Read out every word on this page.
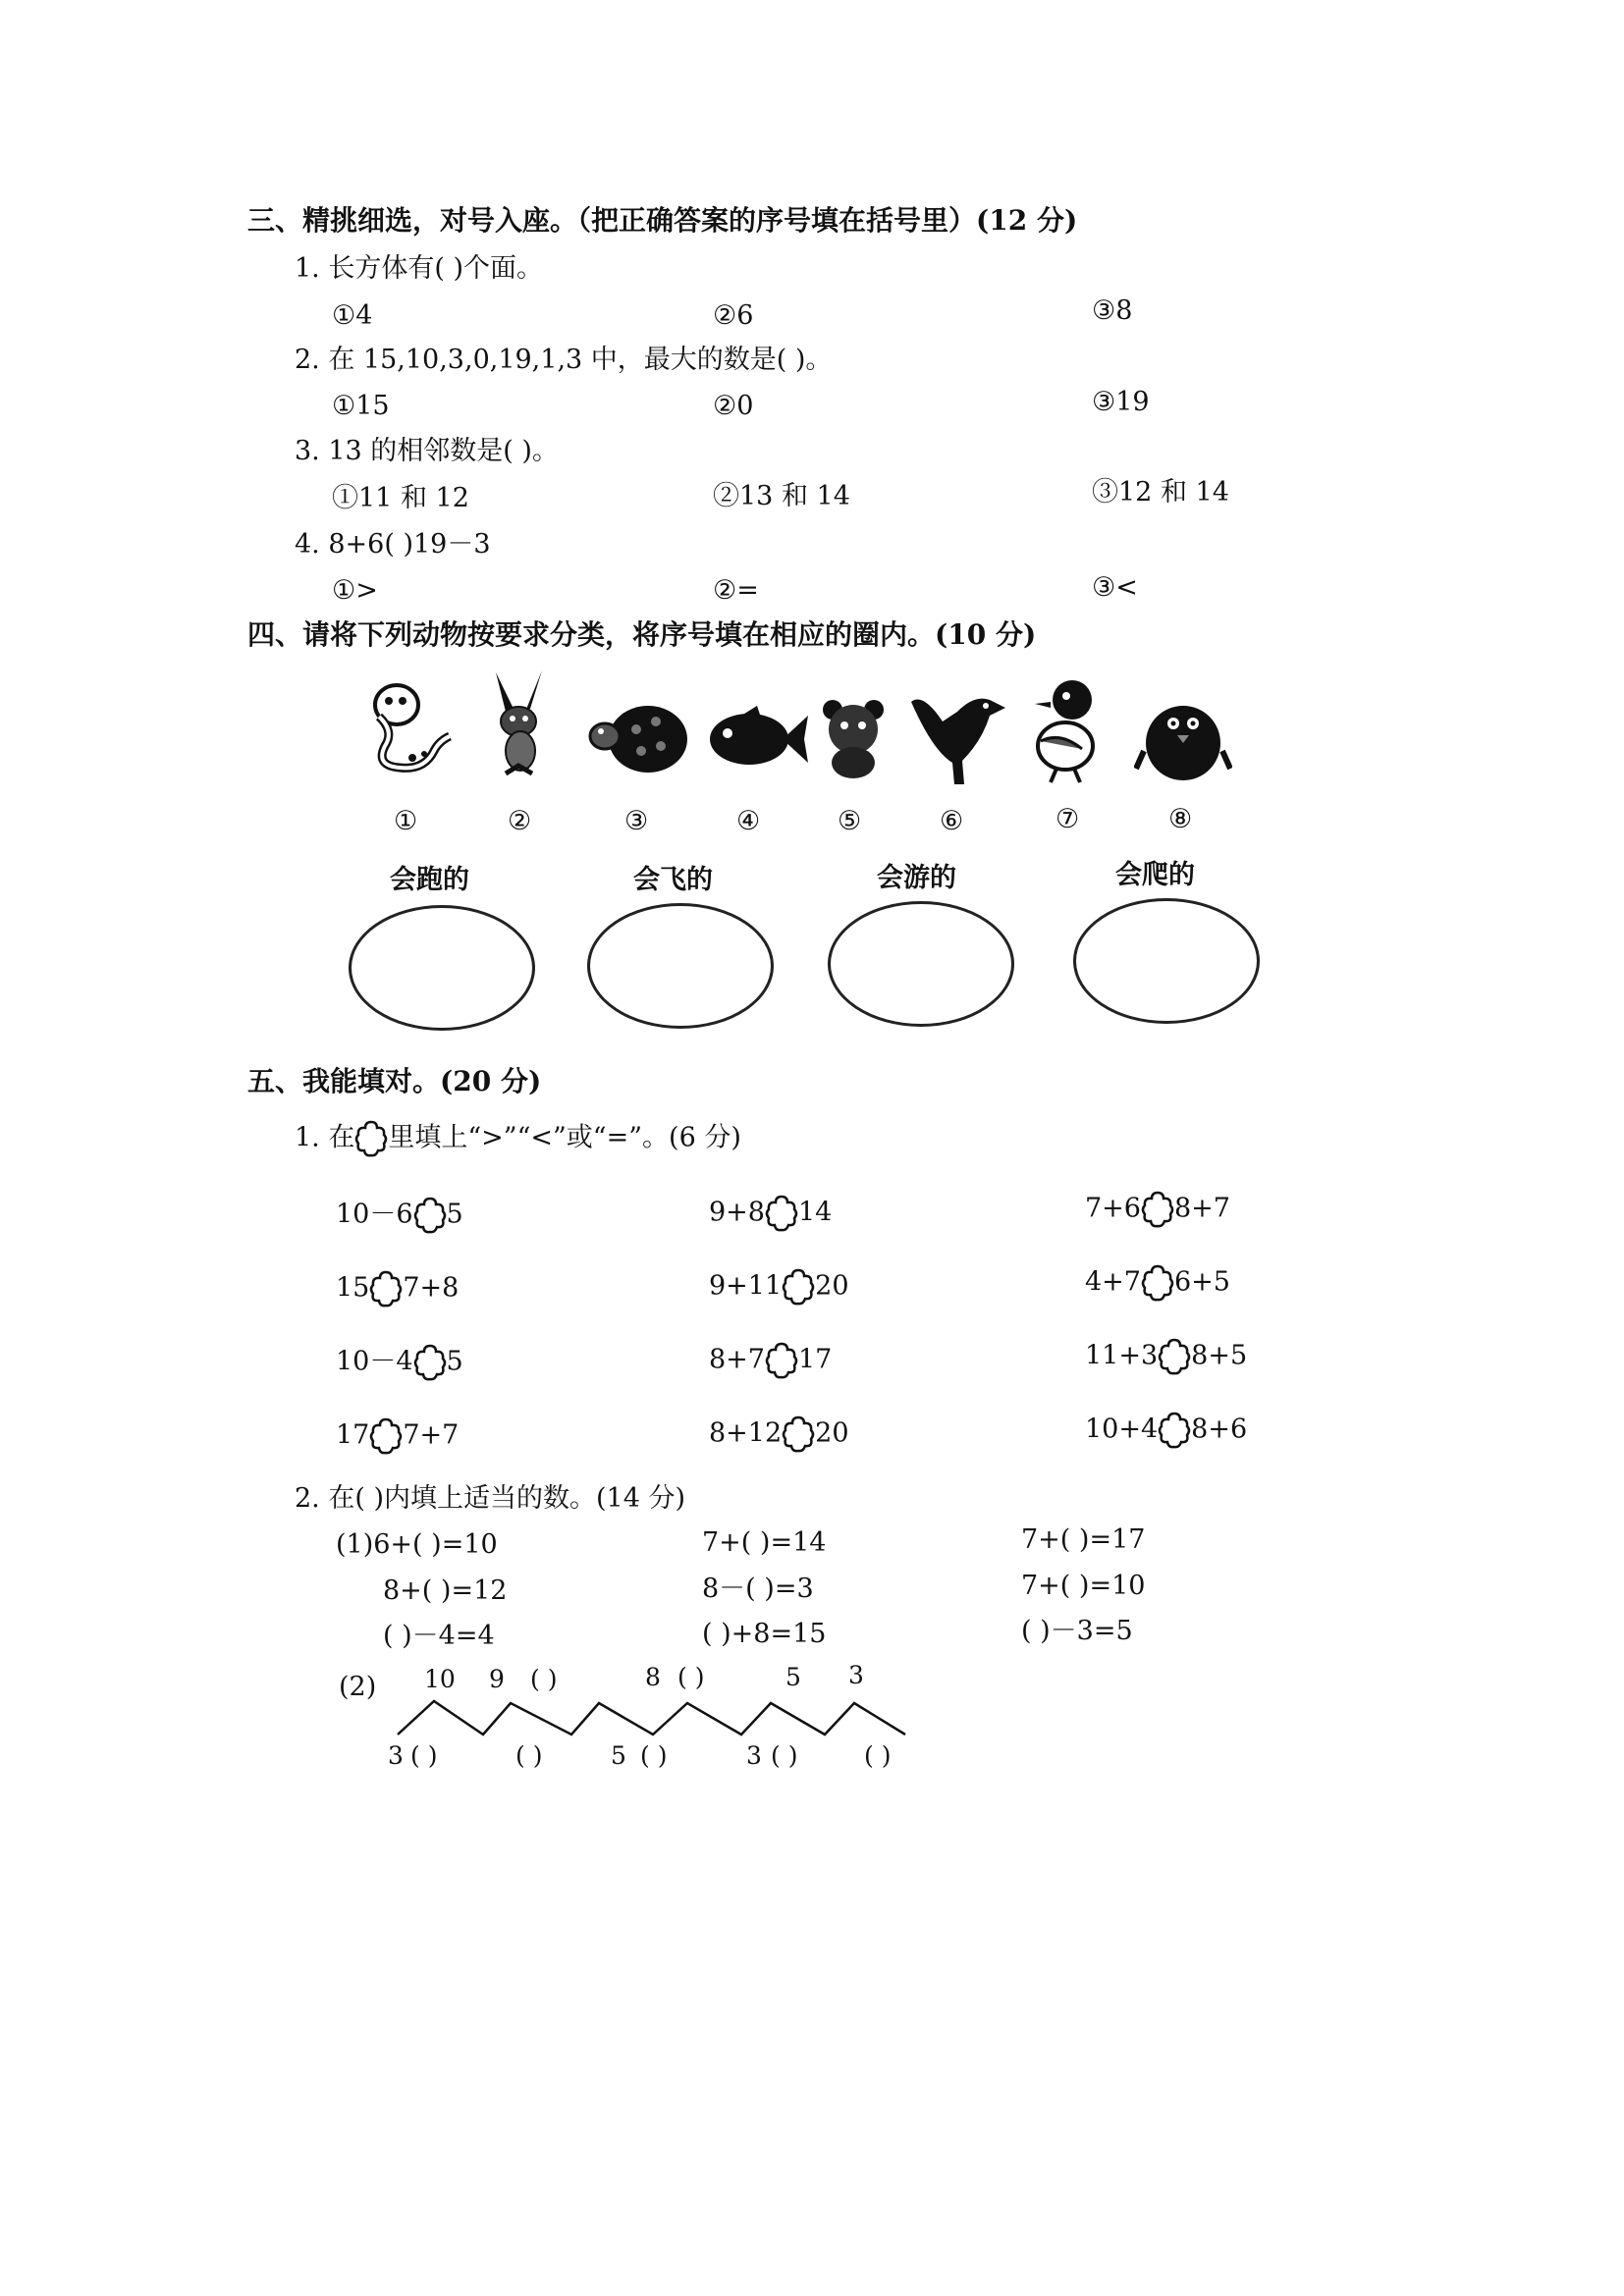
三、精挑细选，对号入座。（把正确答案的序号填在括号里）(12 分)
1. 长方体有( )个面。
①4	②6	③8
2. 在 15,10,3,0,19,1,3 中，最大的数是( )。
①15	②0	③19
3. 13 的相邻数是( )。
①11 和 12	②13 和 14	③12 和 14
4. 8+6( )19－3
①>	②=	③<
四、请将下列动物按要求分类，将序号填在相应的圈内。(10 分)
①	②	③	④	⑤	⑥	⑦	⑧
会跑的	会飞的	会游的	会爬的
五、我能填对。(20 分)
1. 在 里填上“>”“<”或“=”。(6 分)
10－6 5	9+8 14	7+6 8+7
15 7+8	9+11 20	4+7 6+5
10－4 5	8+7 17	11+3 8+5
17 7+7	8+12 20	10+4 8+6
2. 在( )内填上适当的数。(14 分)
(1)6+( )=10	7+( )=14	7+( )=17
8+( )=12	8－( )=3	7+( )=10
( )－4=4	( )+8=15	( )－3=5
(2) 10 9 ( )	8 ( )	5 3
3 ( )	( )	5 ( )	3 ( )	( )
